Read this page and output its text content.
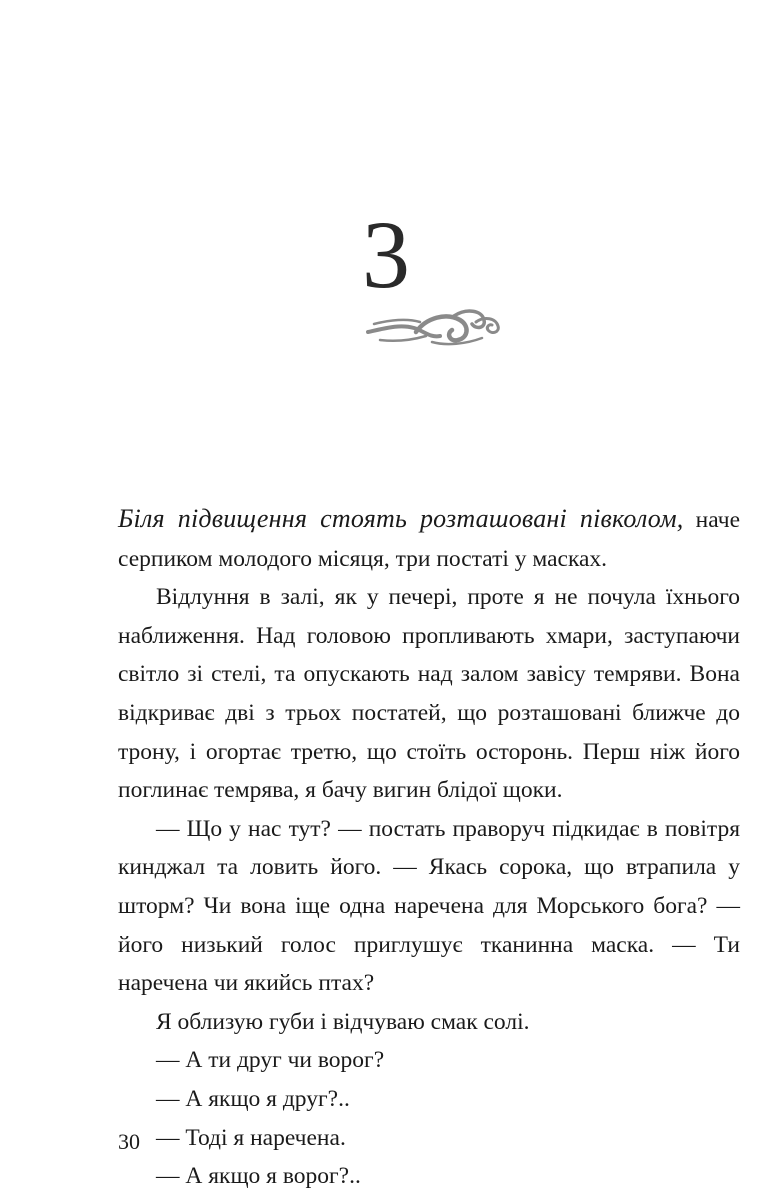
3

Біля підвищення стоять розташовані півколом, наче серпиком молодого місяця, три постаті у масках.

Відлуння в залі, як у печері, проте я не почула їхнього наближення. Над головою пропливають хмари, заступаючи світло зі стелі, та опускають над залом завісу темряви. Вона відкриває дві з трьох постатей, що розташовані ближче до трону, і огортає третю, що стоїть осторонь. Перш ніж його поглинає темрява, я бачу вигин блідої щоки.

— Що у нас тут? — постать праворуч підкидає в повітря кинджал та ловить його. — Якась сорока, що втрапила у шторм? Чи вона іще одна наречена для Морського бога? — його низький голос приглушує тканинна маска. — Ти наречена чи якийсь птах?

Я облизую губи і відчуваю смак солі.

— А ти друг чи ворог?

— А якщо я друг?..

— Тоді я наречена.

— А якщо я ворог?..

30
